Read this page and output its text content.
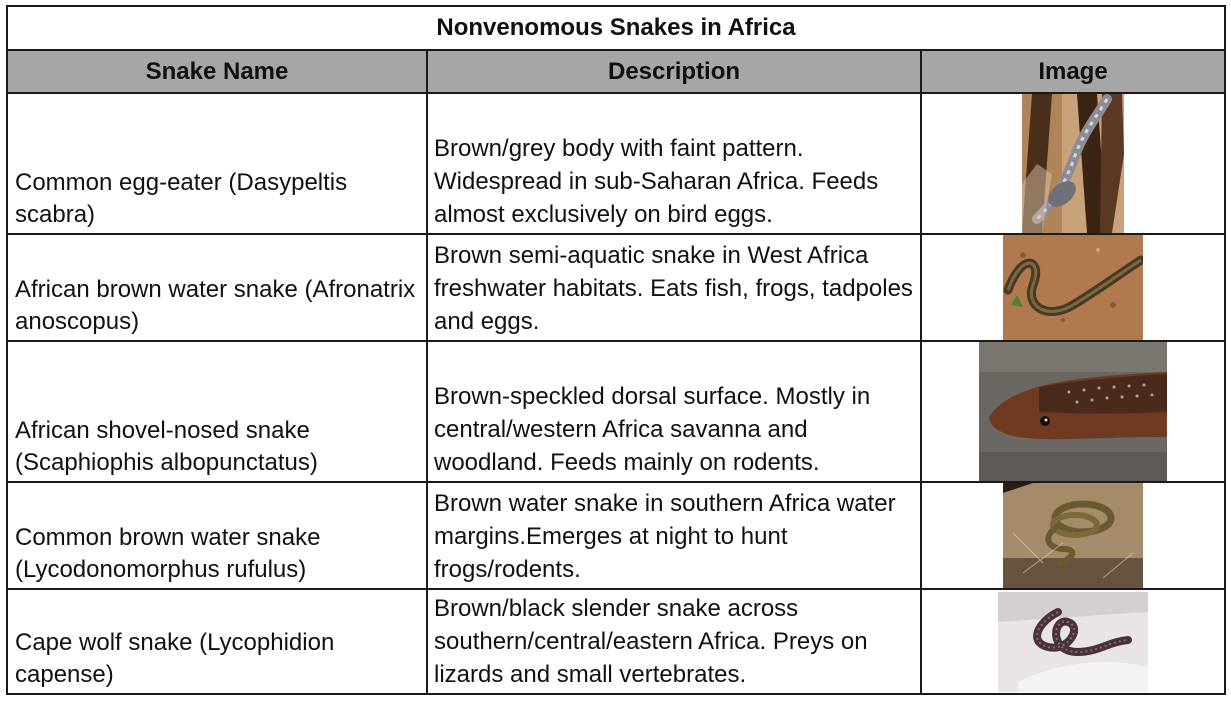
Nonvenomous Snakes in Africa		
Snake Name	Description	Image
Common egg-eater (Dasypeltis scabra)	Brown/grey body with faint pattern. Widespread in sub-Saharan Africa. Feeds almost exclusively on bird eggs.	

African brown water snake (Afronatrix anoscopus)	Brown semi-aquatic snake in West Africa freshwater habitats. Eats fish, frogs, tadpoles and eggs.	

African shovel-nosed snake (Scaphiophis albopunctatus)	Brown-speckled dorsal surface. Mostly in central/western Africa savanna and woodland. Feeds mainly on rodents.	

Common brown water snake (Lycodonomorphus rufulus)	Brown water snake in southern Africa water margins.Emerges at night to hunt frogs/rodents.	

Cape wolf snake (Lycophidion capense)	Brown/black slender snake across southern/central/eastern Africa. Preys on lizards and small vertebrates.	
